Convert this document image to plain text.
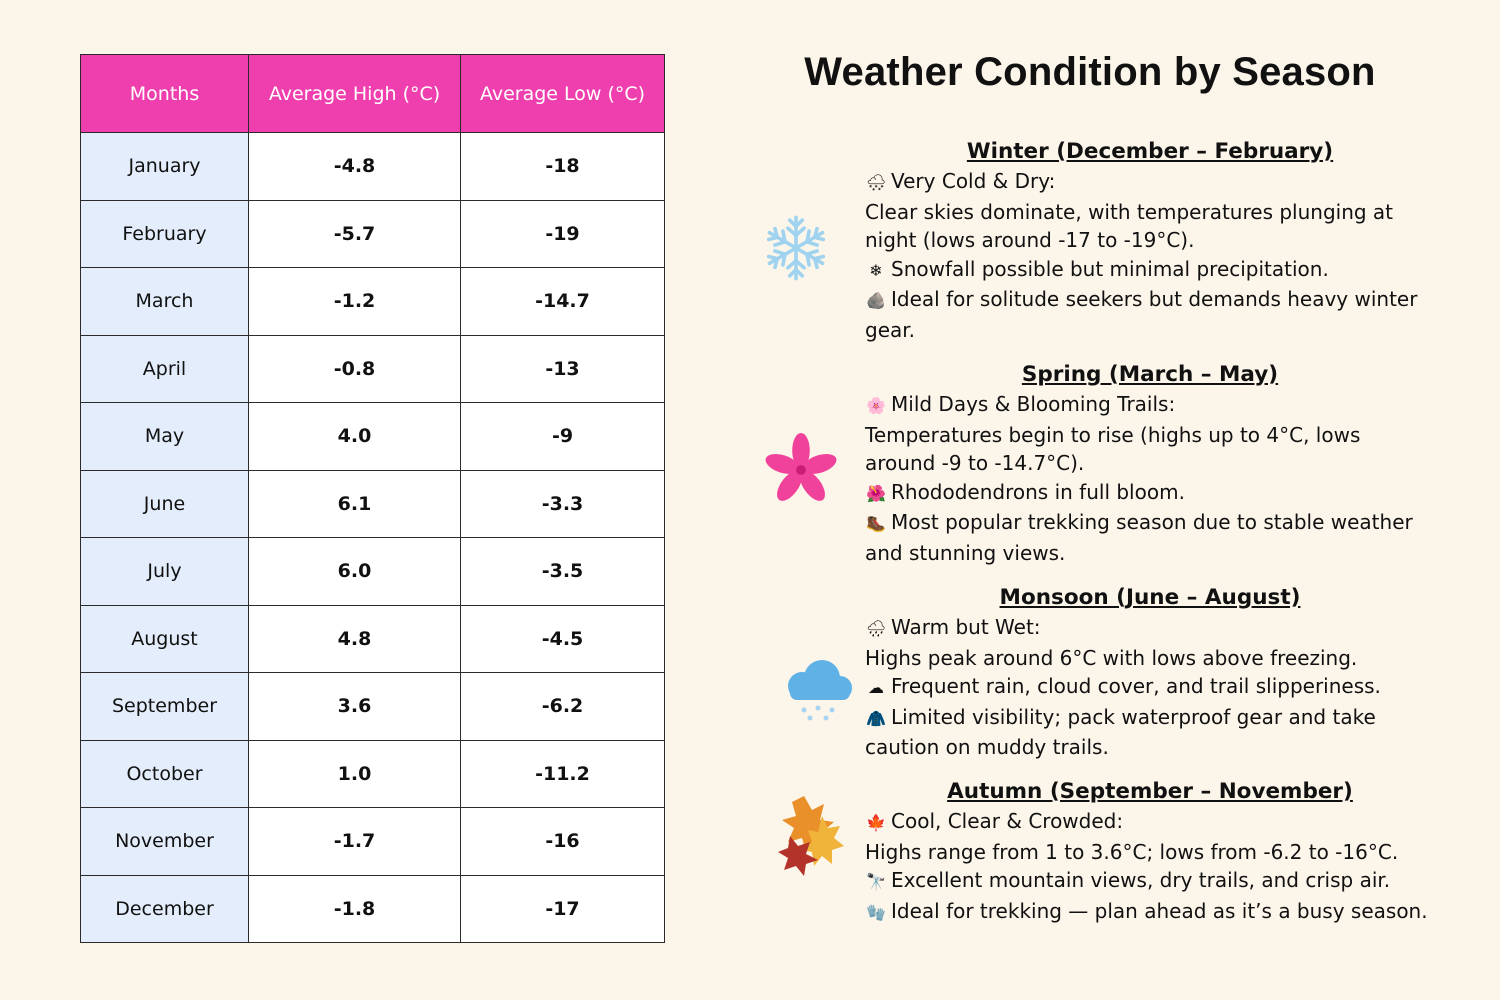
Months	Average High (°C)	Average Low (°C)
January	-4.8	-18
February	-5.7	-19
March	-1.2	-14.7
April	-0.8	-13
May	4.0	-9
June	6.1	-3.3
July	6.0	-3.5
August	4.8	-4.5
September	3.6	-6.2
October	1.0	-11.2
November	-1.7	-16
December	-1.8	-17
Weather Condition by Season
Winter (December – February)

🌨 Very Cold & Dry:

Clear skies dominate, with temperatures plunging at night (lows around -17 to -19°C).

❄ Snowfall possible but minimal precipitation.

🪨 Ideal for solitude seekers but demands heavy winter gear.

Spring (March – May)

🌸 Mild Days & Blooming Trails:

Temperatures begin to rise (highs up to 4°C, lows around -9 to -14.7°C).

🌺 Rhododendrons in full bloom.

🥾 Most popular trekking season due to stable weather and stunning views.

Monsoon (June – August)

🌧 Warm but Wet:

Highs peak around 6°C with lows above freezing.

☁ Frequent rain, cloud cover, and trail slipperiness.

🧥 Limited visibility; pack waterproof gear and take caution on muddy trails.

Autumn (September – November)

🍁 Cool, Clear & Crowded:

Highs range from 1 to 3.6°C; lows from -6.2 to -16°C.

🔭 Excellent mountain views, dry trails, and crisp air.

🧤 Ideal for trekking — plan ahead as it’s a busy season.
